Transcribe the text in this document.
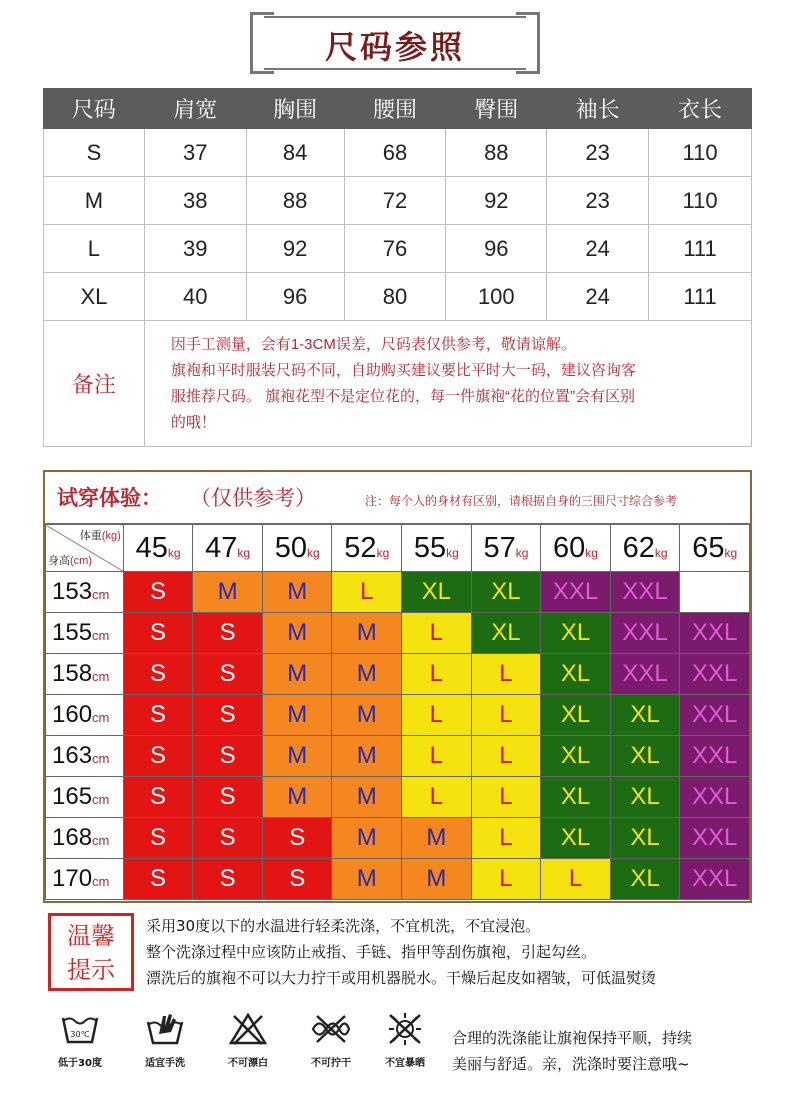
尺码参照
尺码	肩宽	胸围	腰围	臀围	袖长	衣长
S	37	84	68	88	23	110
M	38	88	72	92	23	110
L	39	92	76	96	24	111
XL	40	96	80	100	24	111
备注	因手工测量，会有1-3CM误差，尺码表仅供参考，敬请谅解。
旗袍和平时服装尺码不同，自助购买建议要比平时大一码，建议咨询客
服推荐尺码。 旗袍花型不是定位花的，每一件旗袍“花的位置”会有区别
的哦！					
试穿体验： （仅供参考）	注：每个人的身材有区别，请根据自身的三围尺寸综合参考
体重(kg)
身高(cm)	45kg	47kg	50kg	52kg	55kg	57kg	60kg	62kg	65kg
153cm	S	M	M	L	XL	XL	XXL	XXL	
155cm	S	S	M	M	L	XL	XL	XXL	XXL
158cm	S	S	M	M	L	L	XL	XXL	XXL
160cm	S	S	M	M	L	L	XL	XL	XXL
163cm	S	S	M	M	L	L	XL	XL	XXL
165cm	S	S	M	M	L	L	XL	XL	XXL
168cm	S	S	S	M	M	L	XL	XL	XXL
170cm	S	S	S	M	M	L	L	XL	XXL
温馨
提示
采用30度以下的水温进行轻柔洗涤，不宜机洗，不宜浸泡。
整个洗涤过程中应该防止戒指、手链、指甲等刮伤旗袍，引起勾丝。
漂洗后的旗袍不可以大力拧干或用机器脱水。干燥后起皮如褶皱，可低温熨烫
30℃
低于30度	适宜手洗	不可漂白	不可拧干	不宜暴晒
合理的洗涤能让旗袍保持平顺，持续
美丽与舒适。亲，洗涤时要注意哦~
